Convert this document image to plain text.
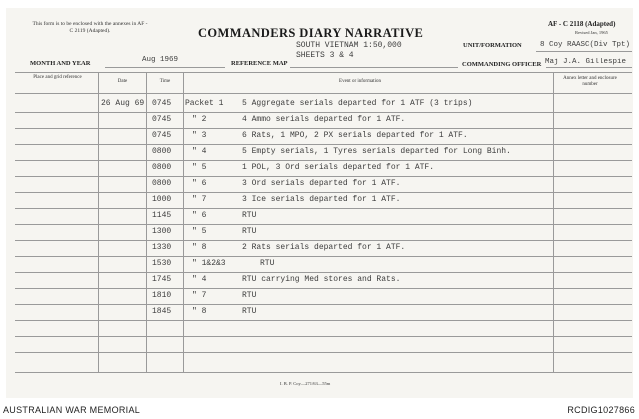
This form is to be enclosed with the annexes in AF - C 2119 (Adapted).	COMMANDERS DIARY NARRATIVE
AF - C 2118 (Adapted)
Revised Jan, 1965
SOUTH VIETNAM 1:50,000
SHEETS 3 & 4
UNIT/FORMATION 8 Coy RAASC(Div Tpt)
MONTH AND YEAR	Aug 1969	REFERENCE MAP	COMMANDING OFFICER Maj J.A. Gillespie
Place and grid reference
Date	Time	Event or information
Annex letter and enclosure number
26 Aug 69 0745 Packet 1 5 Aggregate serials departed for 1 ATF (3 trips)
0745	" 2	4 Ammo serials departed for 1 ATF.
0745	" 3	6 Rats, 1 MPO, 2 PX serials departed for 1 ATF.
0800	" 4	5 Empty serials, 1 Tyres serials departed for Long Binh.
0800	" 5	1 POL, 3 Ord serials departed for 1 ATF.
0800	" 6	3 Ord serials departed for 1 ATF.
1000	" 7	3 Ice serials departed for 1 ATF.
1145	" 6	RTU
1300	" 5	RTU
1330	" 8	2 Rats serials departed for 1 ATF.
1530	" 1&2&3	RTU
1745	" 4	RTU carrying Med stores and Rats.
1810	" 7	RTU
1845	" 8	RTU
I. B. P. Coy—271/63—55m
AUSTRALIAN WAR MEMORIAL	RCDIG1027866
